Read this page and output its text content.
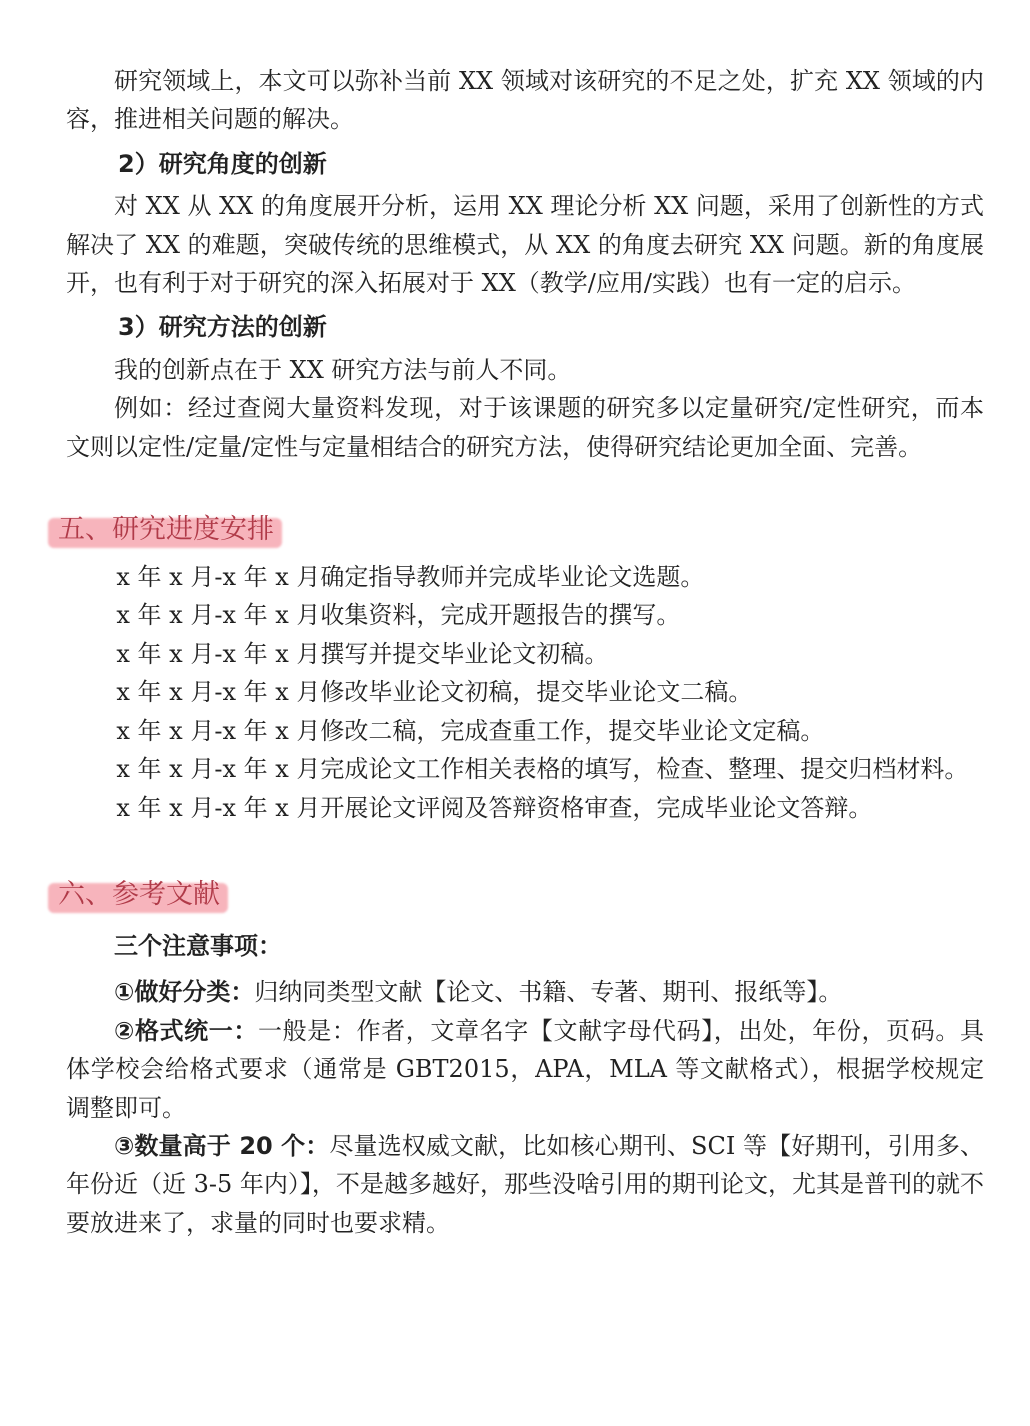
研究领域上，本文可以弥补当前 XX 领域对该研究的不足之处，扩充 XX 领域的内容，推进相关问题的解决。

2）研究角度的创新

对 XX 从 XX 的角度展开分析，运用 XX 理论分析 XX 问题，采用了创新性的方式解决了 XX 的难题，突破传统的思维模式，从 XX 的角度去研究 XX 问题。新的角度展开，也有利于对于研究的深入拓展对于 XX（教学/应用/实践）也有一定的启示。

3）研究方法的创新

我的创新点在于 XX 研究方法与前人不同。

例如：经过查阅大量资料发现，对于该课题的研究多以定量研究/定性研究，而本文则以定性/定量/定性与定量相结合的研究方法，使得研究结论更加全面、完善。

五、研究进度安排

x 年 x 月-x 年 x 月确定指导教师并完成毕业论文选题。

x 年 x 月-x 年 x 月收集资料，完成开题报告的撰写。

x 年 x 月-x 年 x 月撰写并提交毕业论文初稿。

x 年 x 月-x 年 x 月修改毕业论文初稿，提交毕业论文二稿。

x 年 x 月-x 年 x 月修改二稿，完成查重工作，提交毕业论文定稿。

x 年 x 月-x 年 x 月完成论文工作相关表格的填写，检查、整理、提交归档材料。

x 年 x 月-x 年 x 月开展论文评阅及答辩资格审查，完成毕业论文答辩。

六、参考文献

三个注意事项：

①做好分类：归纳同类型文献【论文、书籍、专著、期刊、报纸等】。

②格式统一：一般是：作者，文章名字【文献字母代码】，出处，年份，页码。具体学校会给格式要求（通常是 GBT2015，APA，MLA 等文献格式），根据学校规定调整即可。

③数量高于 20 个：尽量选权威文献，比如核心期刊、SCI 等【好期刊，引用多、年份近（近 3-5 年内）】，不是越多越好，那些没啥引用的期刊论文，尤其是普刊的就不要放进来了，求量的同时也要求精。
